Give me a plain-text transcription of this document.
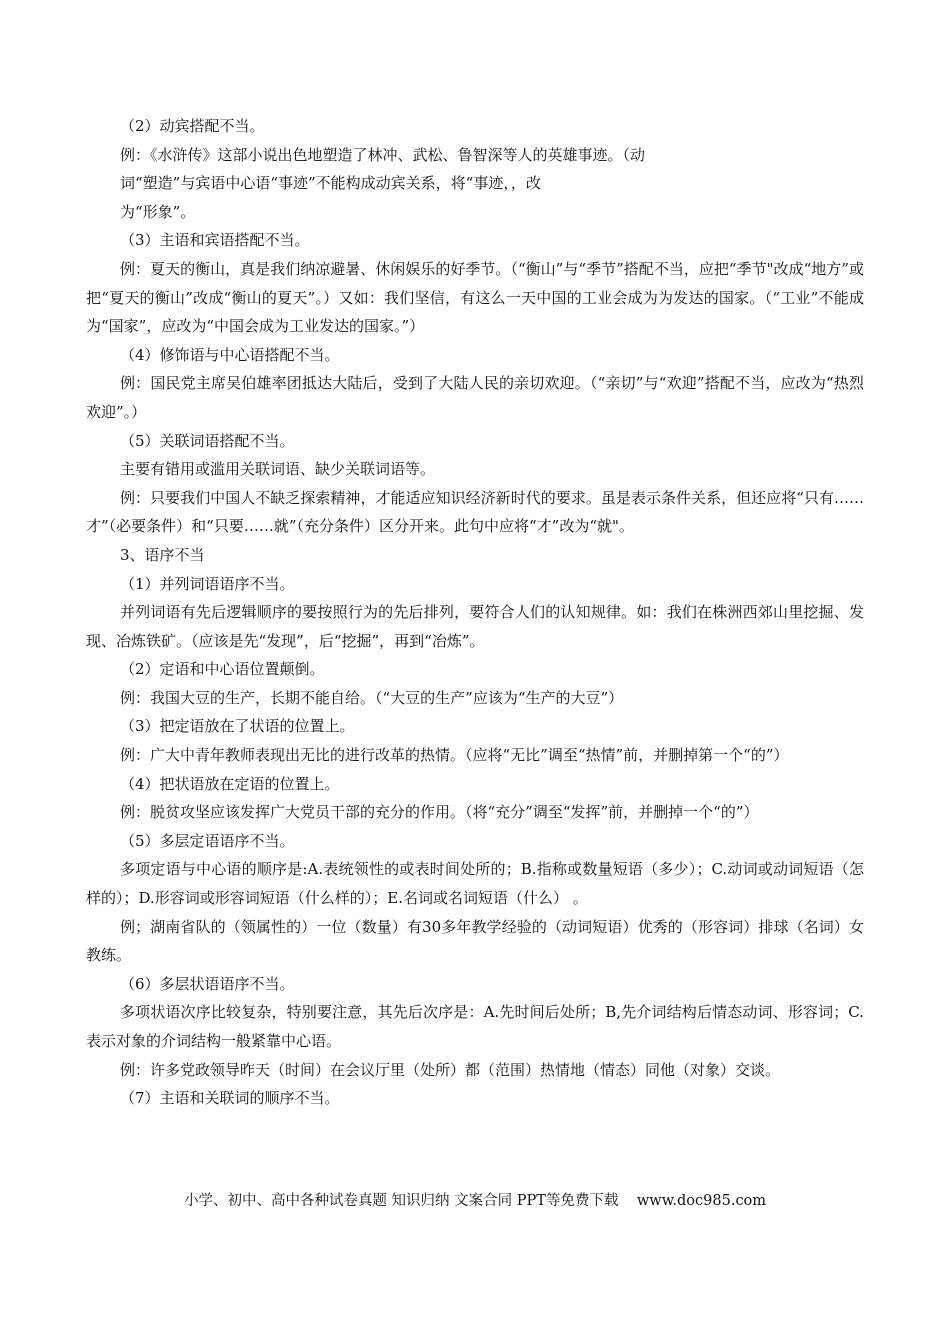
（2）动宾搭配不当。

例：《水浒传》这部小说出色地塑造了林冲、武松、鲁智深等人的英雄事迹。（动

词“塑造”与宾语中心语“事迹”不能构成动宾关系，将“事迹，，改

为“形象”。

（3）主语和宾语搭配不当。

例：夏天的衡山，真是我们纳凉避暑、休闲娱乐的好季节。（“衡山”与“季节”搭配不当，应把“季节"改成“地方”或把“夏天的衡山”改成“衡山的夏天”。）又如：我们坚信，有这么一天中国的工业会成为为发达的国家。（“工业”不能成为“国家”，应改为“中国会成为工业发达的国家。”）

（4）修饰语与中心语搭配不当。

例：国民党主席吴伯雄率团抵达大陆后，受到了大陆人民的亲切欢迎。（“亲切”与“欢迎”搭配不当，应改为“热烈欢迎”。）

（5）关联词语搭配不当。

主要有错用或滥用关联词语、缺少关联词语等。

例：只要我们中国人不缺乏探索精神，才能适应知识经济新时代的要求。虽是表示条件关系，但还应将“只有……才”（必要条件）和“只要……就”（充分条件）区分开来。此句中应将“才”改为“就"。

3、语序不当

（1）并列词语语序不当。

并列词语有先后逻辑顺序的要按照行为的先后排列，要符合人们的认知规律。如：我们在株洲西郊山里挖掘、发现、冶炼铁矿。（应该是先“发现”，后“挖掘”，再到“冶炼”。

（2）定语和中心语位置颠倒。

例：我国大豆的生产，长期不能自给。（“大豆的生产”应该为“生产的大豆”）

（3）把定语放在了状语的位置上。

例：广大中青年教师表现出无比的进行改革的热情。（应将“无比”调至“热情”前，并删掉第一个“的”）

（4）把状语放在定语的位置上。

例：脱贫攻坚应该发挥广大党员干部的充分的作用。（将“充分”调至“发挥”前，并删掉一个“的”）

（5）多层定语语序不当。

多项定语与中心语的顺序是:A.表统领性的或表时间处所的；B.指称或数量短语（多少）；C.动词或动词短语（怎样的）；D.形容词或形容词短语（什么样的）；E.名词或名词短语（什么） 。

例；湖南省队的（领属性的）一位（数量）有30多年教学经验的（动词短语）优秀的（形容词）排球（名词）女教练。

（6）多层状语语序不当。

多项状语次序比较复杂，特别要注意，其先后次序是：A.先时间后处所；B,先介词结构后情态动词、形容词；C.表示对象的介词结构一般紧靠中心语。

例：许多党政领导昨天（时间）在会议厅里（处所）都（范围）热情地（情态）同他（对象）交谈。

（7）主语和关联词的顺序不当。

小学、初中、高中各种试卷真题 知识归纳 文案合同 PPT等免费下载    www.doc985.com
